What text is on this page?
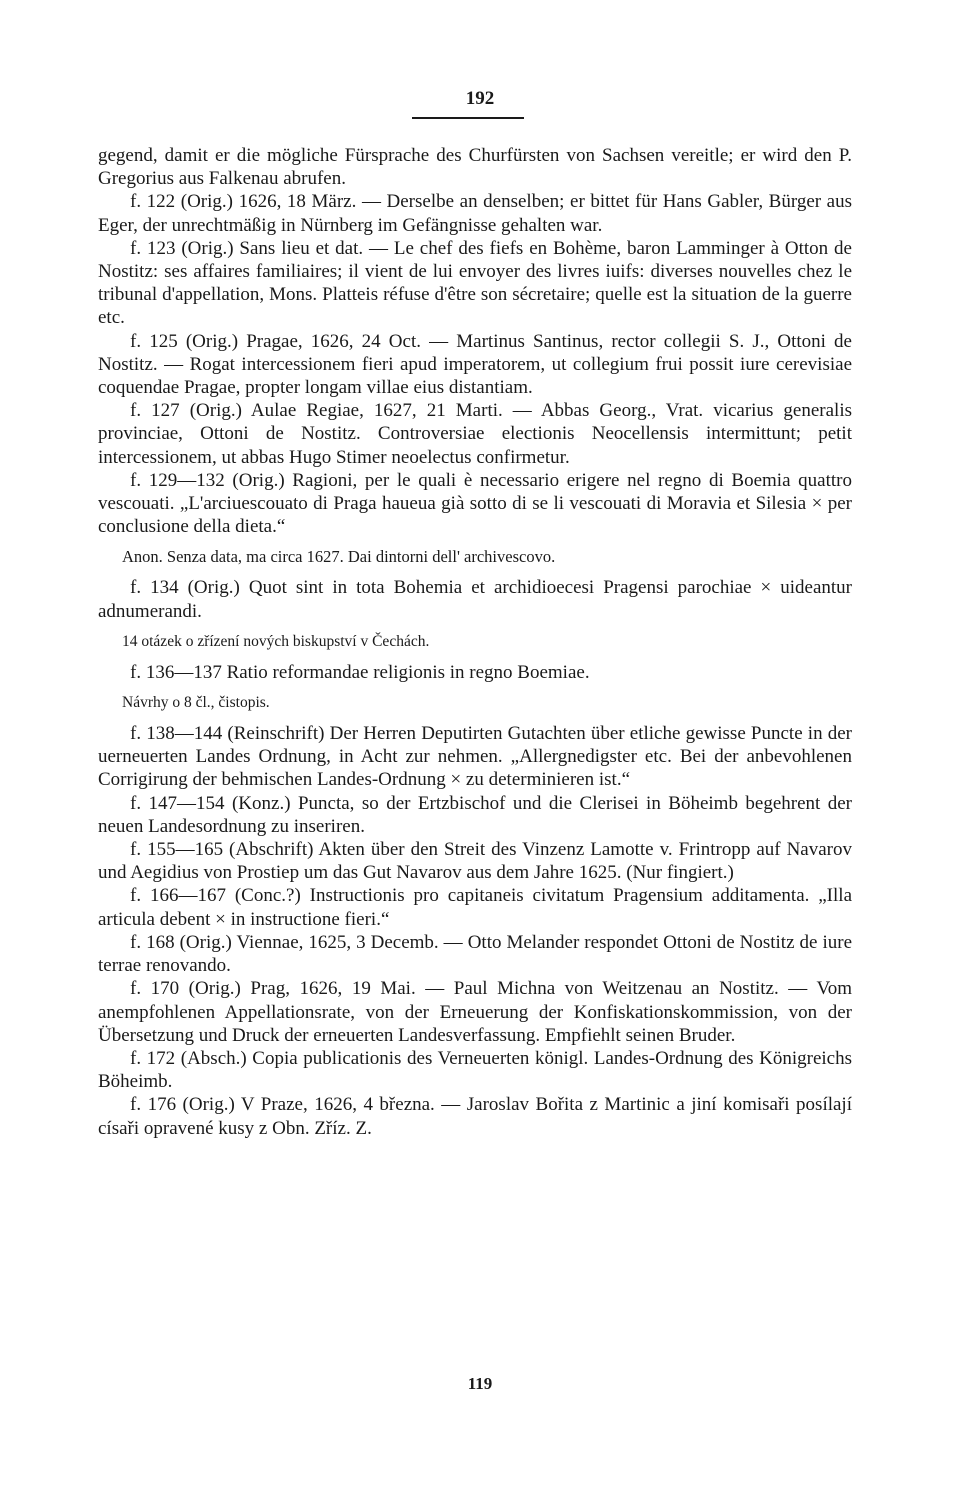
192

gegend, damit er die mögliche Fürsprache des Churfürsten von Sachsen vereitle; er wird den P. Gregorius aus Falkenau abrufen.

f. 122 (Orig.) 1626, 18 März. — Derselbe an denselben; er bittet für Hans Gabler, Bürger aus Eger, der unrechtmäßig in Nürnberg im Gefängnisse gehalten war.

f. 123 (Orig.) Sans lieu et dat. — Le chef des fiefs en Bohème, baron Lamminger à Otton de Nostitz: ses affaires familiaires; il vient de lui envoyer des livres iuifs: diverses nouvelles chez le tribunal d'appellation, Mons. Platteis réfuse d'être son sécretaire; quelle est la situation de la guerre etc.

f. 125 (Orig.) Pragae, 1626, 24 Oct. — Martinus Santinus, rector collegii S. J., Ottoni de Nostitz. — Rogat intercessionem fieri apud imperatorem, ut collegium frui possit iure cerevisiae coquendae Pragae, propter longam villae eius distantiam.

f. 127 (Orig.) Aulae Regiae, 1627, 21 Marti. — Abbas Georg., Vrat. vicarius generalis provinciae, Ottoni de Nostitz. Controversiae electionis Neocellensis intermittunt; petit intercessionem, ut abbas Hugo Stimer neoelectus confirmetur.

f. 129—132 (Orig.) Ragioni, per le quali è necessario erigere nel regno di Boemia quattro vescouati. „L'arciuescouato di Praga haueua già sotto di se li vescouati di Moravia et Silesia × per conclusione della dieta.“

Anon. Senza data, ma circa 1627. Dai dintorni dell' archivescovo.

f. 134 (Orig.) Quot sint in tota Bohemia et archidioecesi Pragensi parochiae × uideantur adnumerandi.

14 otázek o zřízení nových biskupství v Čechách.

f. 136—137 Ratio reformandae religionis in regno Boemiae.

Návrhy o 8 čl., čistopis.

f. 138—144 (Reinschrift) Der Herren Deputirten Gutachten über etliche gewisse Puncte in der uerneuerten Landes Ordnung, in Acht zur nehmen. „Allergnedigster etc. Bei der anbevohlenen Corrigirung der behmischen Landes-Ordnung × zu determinieren ist.“

f. 147—154 (Konz.) Puncta, so der Ertzbischof und die Clerisei in Böheimb begehrent der neuen Landesordnung zu inseriren.

f. 155—165 (Abschrift) Akten über den Streit des Vinzenz Lamotte v. Frintropp auf Navarov und Aegidius von Prostiep um das Gut Navarov aus dem Jahre 1625. (Nur fingiert.)

f. 166—167 (Conc.?) Instructionis pro capitaneis civitatum Pragensium additamenta. „Illa articula debent × in instructione fieri.“

f. 168 (Orig.) Viennae, 1625, 3 Decemb. — Otto Melander respondet Ottoni de Nostitz de iure terrae renovando.

f. 170 (Orig.) Prag, 1626, 19 Mai. — Paul Michna von Weitzenau an Nostitz. — Vom anempfohlenen Appellationsrate, von der Erneuerung der Konfiskationskommission, von der Übersetzung und Druck der erneuerten Landesverfassung. Empfiehlt seinen Bruder.

f. 172 (Absch.) Copia publicationis des Verneuerten königl. Landes-Ordnung des Königreichs Böheimb.

f. 176 (Orig.) V Praze, 1626, 4 března. — Jaroslav Bořita z Martinic a jiní komisaři posílají císaři opravené kusy z Obn. Zříz. Z.

119
